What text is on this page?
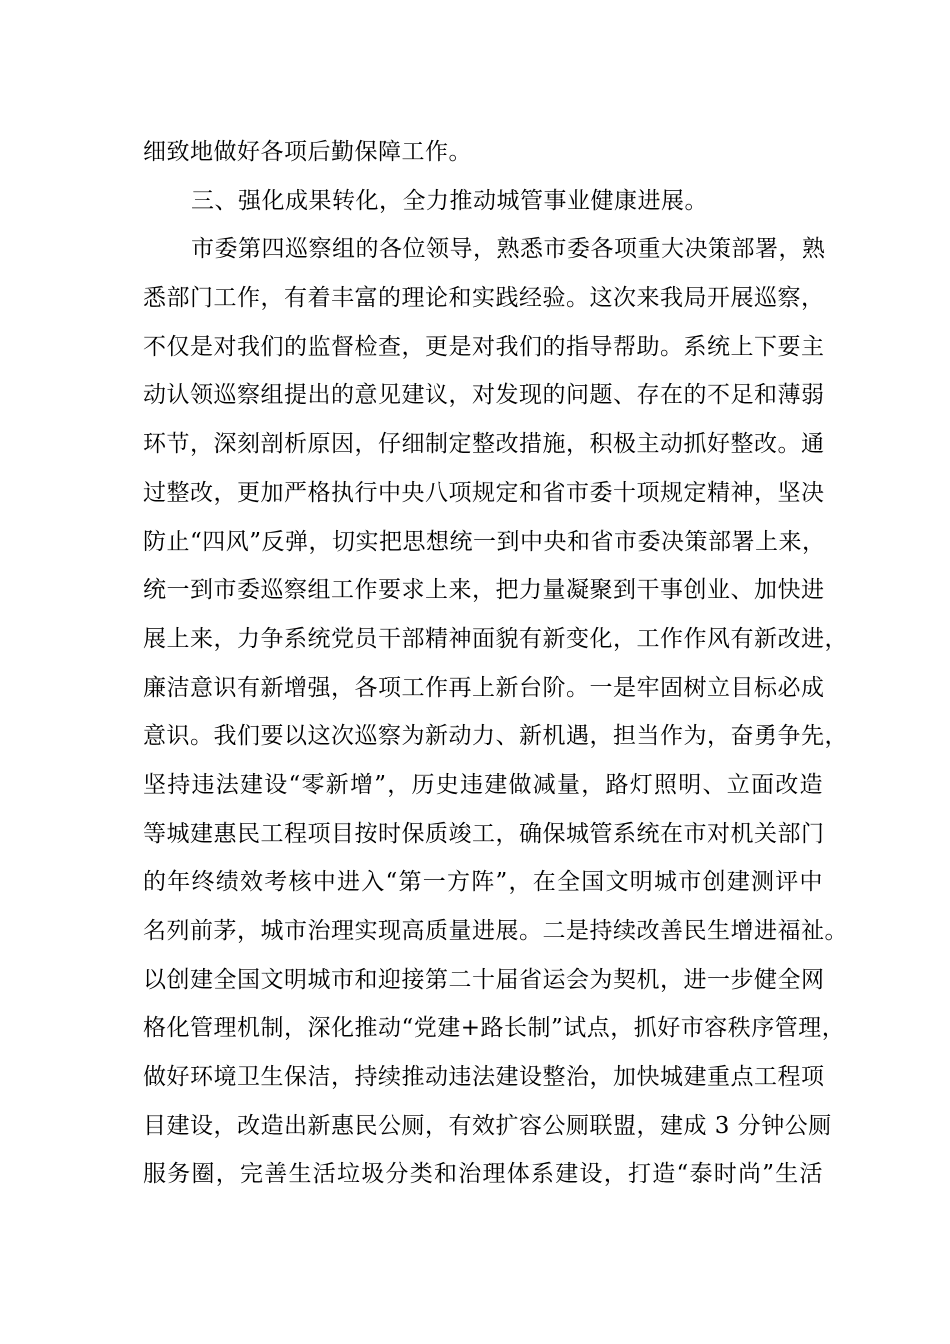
细致地做好各项后勤保障工作。
三、强化成果转化，全力推动城管事业健康进展。
市委第四巡察组的各位领导，熟悉市委各项重大决策部署，熟
悉部门工作，有着丰富的理论和实践经验。这次来我局开展巡察，
不仅是对我们的监督检查，更是对我们的指导帮助。系统上下要主
动认领巡察组提出的意见建议，对发现的问题、存在的不足和薄弱
环节，深刻剖析原因，仔细制定整改措施，积极主动抓好整改。通
过整改，更加严格执行中央八项规定和省市委十项规定精神，坚决
防止“四风”反弹，切实把思想统一到中央和省市委决策部署上来，
统一到市委巡察组工作要求上来，把力量凝聚到干事创业、加快进
展上来，力争系统党员干部精神面貌有新变化，工作作风有新改进，
廉洁意识有新增强，各项工作再上新台阶。一是牢固树立目标必成
意识。我们要以这次巡察为新动力、新机遇，担当作为，奋勇争先，
坚持违法建设“零新增”，历史违建做减量，路灯照明、立面改造
等城建惠民工程项目按时保质竣工，确保城管系统在市对机关部门
的年终绩效考核中进入“第一方阵”，在全国文明城市创建测评中
名列前茅，城市治理实现高质量进展。二是持续改善民生增进福祉。
以创建全国文明城市和迎接第二十届省运会为契机，进一步健全网
格化管理机制，深化推动“党建+路长制”试点，抓好市容秩序管理，
做好环境卫生保洁，持续推动违法建设整治，加快城建重点工程项
目建设，改造出新惠民公厕，有效扩容公厕联盟，建成 3 分钟公厕
服务圈，完善生活垃圾分类和治理体系建设，打造“泰时尚”生活
